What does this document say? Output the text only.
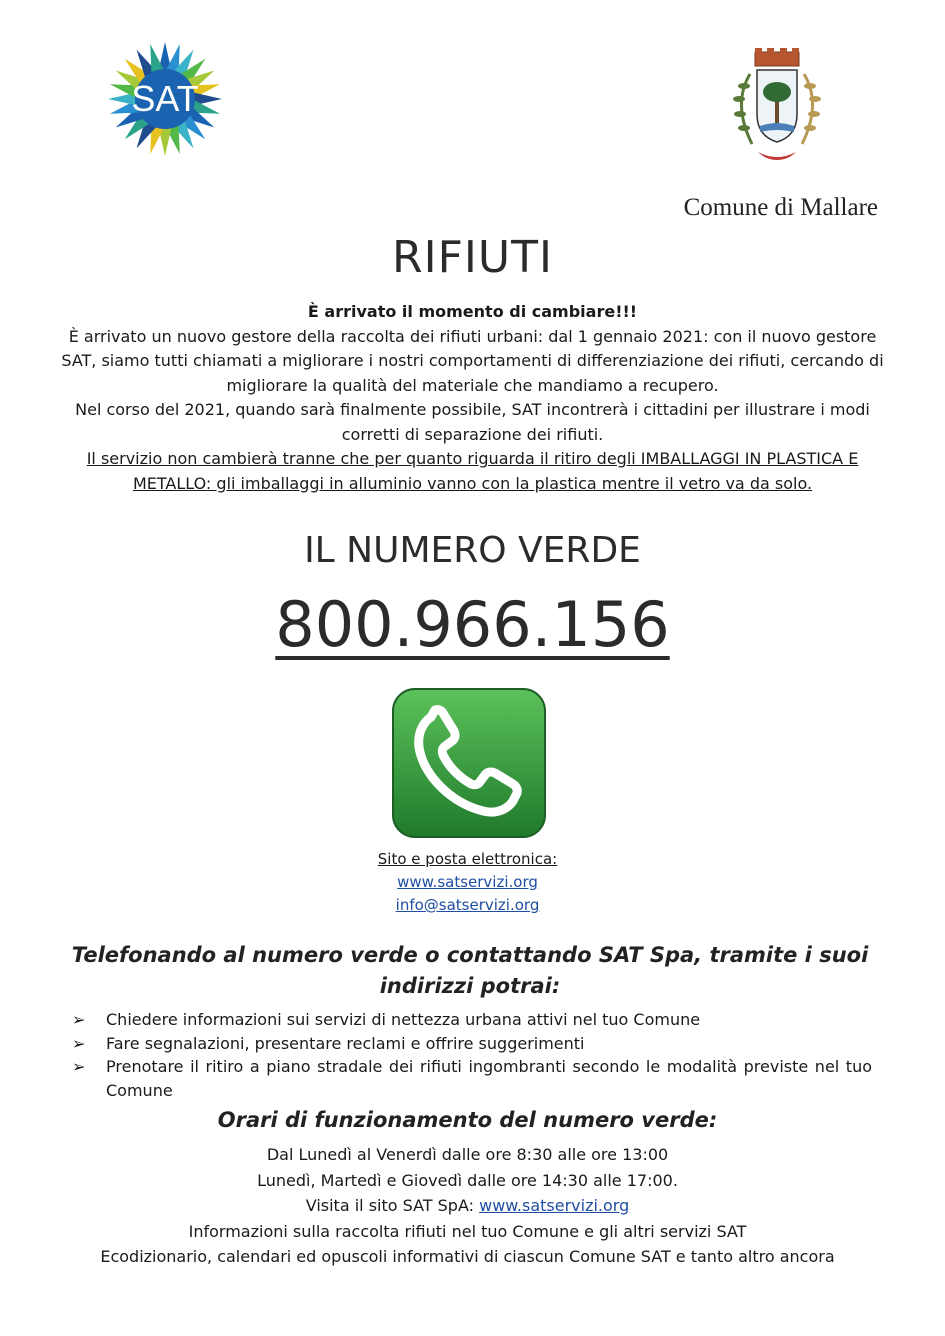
SAT
Comune di Mallare
RIFIUTI
È arrivato il momento di cambiare!!!
È arrivato un nuovo gestore della raccolta dei rifiuti urbani: dal 1 gennaio 2021: con il nuovo gestore SAT, siamo tutti chiamati a migliorare i nostri comportamenti di differenziazione dei rifiuti, cercando di migliorare la qualità del materiale che mandiamo a recupero.
Nel corso del 2021, quando sarà finalmente possibile, SAT incontrerà i cittadini per illustrare i modi corretti di separazione dei rifiuti.
Il servizio non cambierà tranne che per quanto riguarda il ritiro degli IMBALLAGGI IN PLASTICA E METALLO: gli imballaggi in alluminio vanno con la plastica mentre il vetro va da solo.
IL NUMERO VERDE
800.966.156
Sito e posta elettronica:
www.satservizi.org
info@satservizi.org
Telefonando al numero verde o contattando SAT Spa, tramite i suoi indirizzi potrai:
➢ Chiedere informazioni sui servizi di nettezza urbana attivi nel tuo Comune
➢ Fare segnalazioni, presentare reclami e offrire suggerimenti
➢ Prenotare il ritiro a piano stradale dei rifiuti ingombranti secondo le modalità previste nel tuo Comune
Orari di funzionamento del numero verde:
Dal Lunedì al Venerdì dalle ore 8:30 alle ore 13:00
Lunedì, Martedì e Giovedì dalle ore 14:30 alle 17:00.
Visita il sito SAT SpA: www.satservizi.org
Informazioni sulla raccolta rifiuti nel tuo Comune e gli altri servizi SAT
Ecodizionario, calendari ed opuscoli informativi di ciascun Comune SAT e tanto altro ancora
